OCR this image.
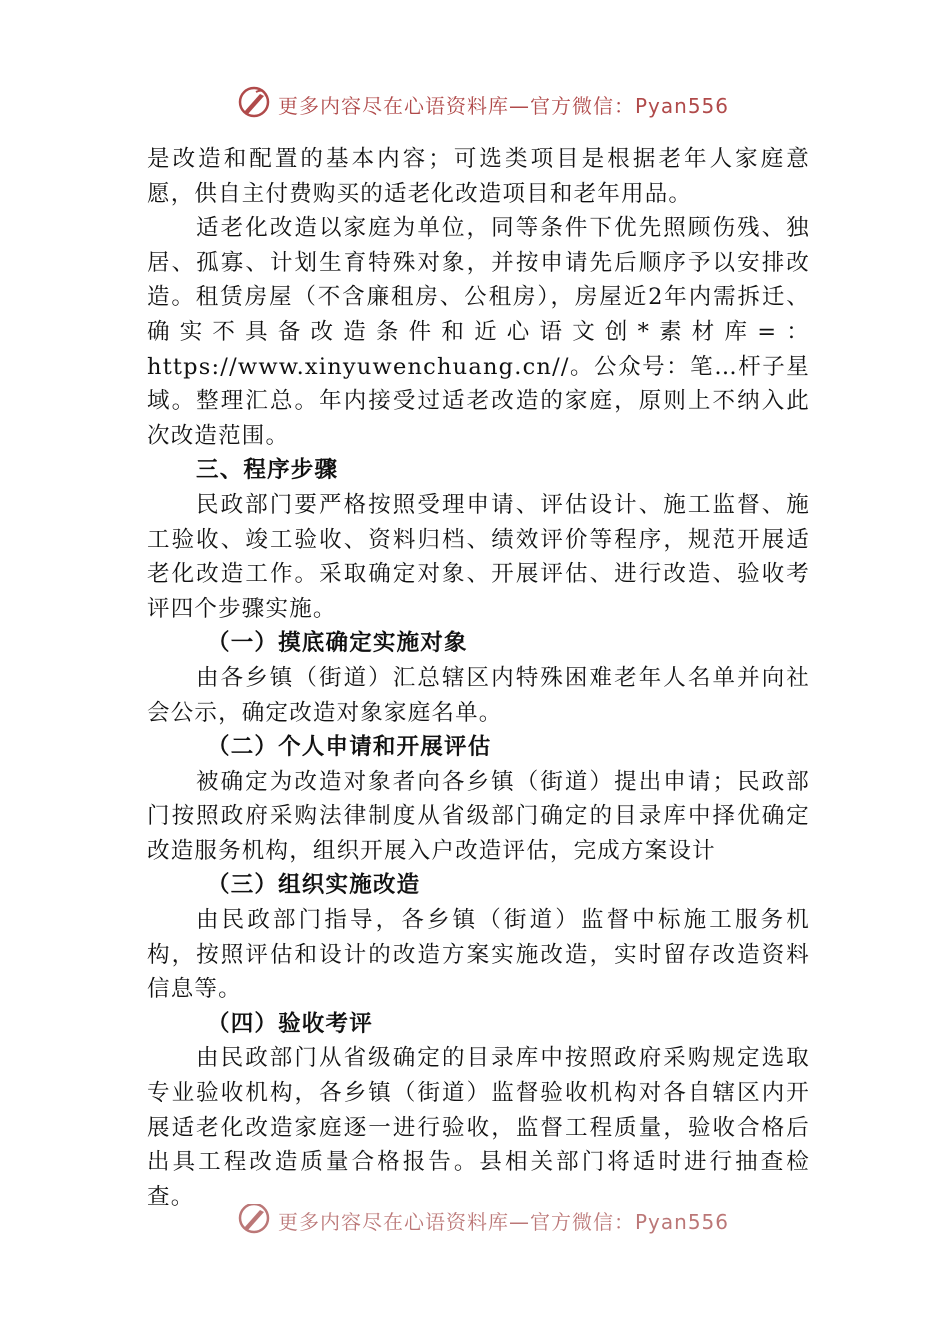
更多内容尽在心语资料库—官方微信：Pyan556

是改造和配置的基本内容；可选类项目是根据老年人家庭意愿，供自主付费购买的适老化改造项目和老年用品。

适老化改造以家庭为单位，同等条件下优先照顾伤残、独居、孤寡、计划生育特殊对象，并按申请先后顺序予以安排改造。租赁房屋（不含廉租房、公租房），房屋近2年内需拆迁、确实不具备改造条件和近心语文创*素材库=：https://www.xinyuwenchuang.cn//。公众号：笔…杆子星域。整理汇总。年内接受过适老改造的家庭，原则上不纳入此次改造范围。

三、程序步骤

民政部门要严格按照受理申请、评估设计、施工监督、施工验收、竣工验收、资料归档、绩效评价等程序，规范开展适老化改造工作。采取确定对象、开展评估、进行改造、验收考评四个步骤实施。

（一）摸底确定实施对象

由各乡镇（街道）汇总辖区内特殊困难老年人名单并向社会公示，确定改造对象家庭名单。

（二）个人申请和开展评估

被确定为改造对象者向各乡镇（街道）提出申请；民政部门按照政府采购法律制度从省级部门确定的目录库中择优确定改造服务机构，组织开展入户改造评估，完成方案设计

（三）组织实施改造

由民政部门指导，各乡镇（街道）监督中标施工服务机构，按照评估和设计的改造方案实施改造，实时留存改造资料信息等。

（四）验收考评

由民政部门从省级确定的目录库中按照政府采购规定选取专业验收机构，各乡镇（街道）监督验收机构对各自辖区内开展适老化改造家庭逐一进行验收，监督工程质量，验收合格后出具工程改造质量合格报告。县相关部门将适时进行抽查检查。

更多内容尽在心语资料库—官方微信：Pyan556
